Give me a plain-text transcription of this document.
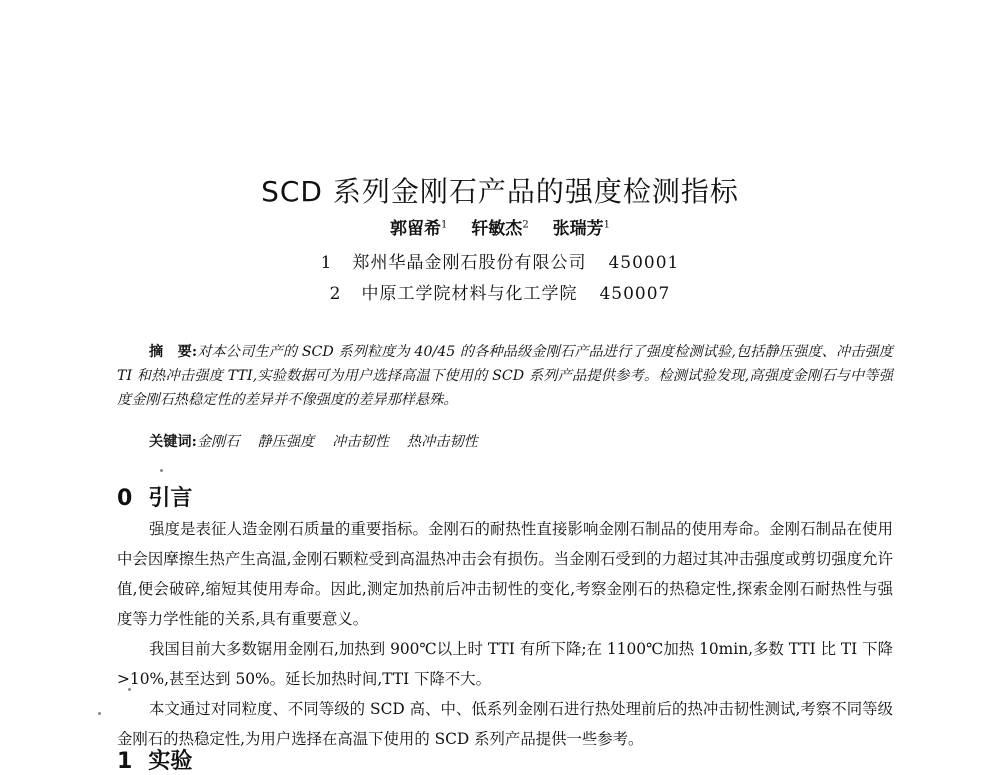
SCD 系列金刚石产品的强度检测指标
郭留希$^1$ 轩敏杰$^2$ 张瑞芳$^1$
1 郑州华晶金刚石股份有限公司 450001
2 中原工学院材料与化工学院 450007

摘　要:对本公司生产的 SCD 系列粒度为 40/45 的各种品级金刚石产品进行了强度检测试验,包括静压强度、冲击强度 TI 和热冲击强度 TTI,实验数据可为用户选择高温下使用的 SCD 系列产品提供参考。检测试验发现,高强度金刚石与中等强度金刚石热稳定性的差异并不像强度的差异那样悬殊。

关键词:金刚石 静压强度 冲击韧性 热冲击韧性
0 引言

强度是表征人造金刚石质量的重要指标。金刚石的耐热性直接影响金刚石制品的使用寿命。金刚石制品在使用中会因摩擦生热产生高温,金刚石颗粒受到高温热冲击会有损伤。当金刚石受到的力超过其冲击强度或剪切强度允许值,便会破碎,缩短其使用寿命。因此,测定加热前后冲击韧性的变化,考察金刚石的热稳定性,探索金刚石耐热性与强度等力学性能的关系,具有重要意义。

我国目前大多数锯用金刚石,加热到 900℃以上时 TTI 有所下降;在 1100℃加热 10min,多数 TTI 比 TI 下降 >10%,甚至达到 50%。延长加热时间,TTI 下降不大。

本文通过对同粒度、不同等级的 SCD 高、中、低系列金刚石进行热处理前后的热冲击韧性测试,考察不同等级金刚石的热稳定性,为用户选择在高温下使用的 SCD 系列产品提供一些参考。

1 实验
